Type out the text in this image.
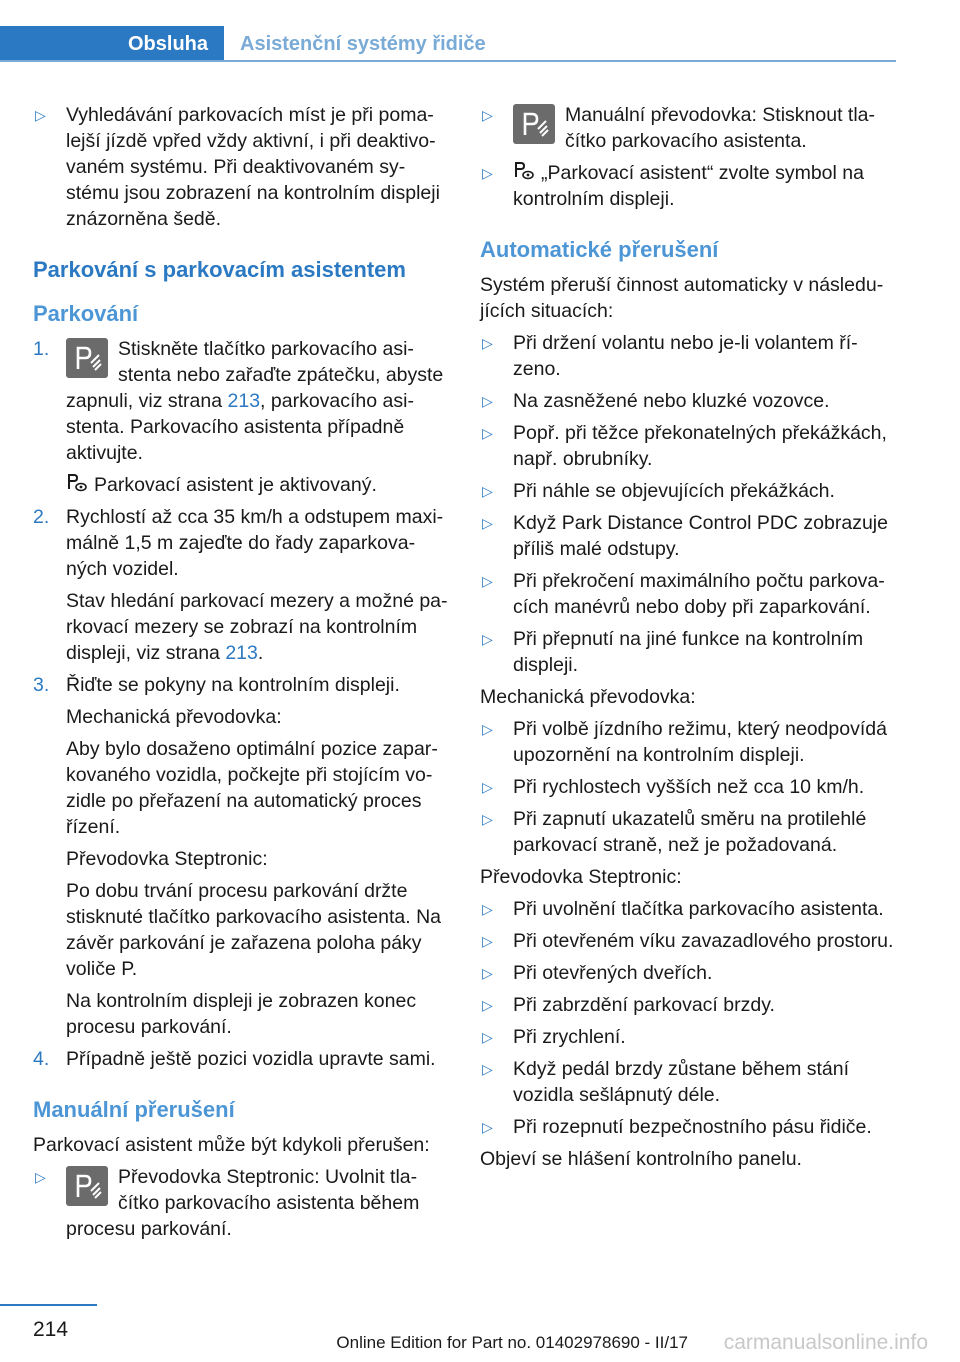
Obsluha	Asistenční systémy řidiče
▷ Vyhledávání parkovacích míst je při pomalejší jízdě vpřed vždy aktivní, i při deaktivovaném systému. Při deaktivovaném systému jsou zobrazení na kontrolním displeji znázorněna šedě.
Parkování s parkovacím asistentem
Parkování
1.	Stiskněte tlačítko parkovacího asistenta nebo zařaďte zpátečku, abyste zapnuli, viz strana 213, parkovacího asistenta. Parkovacího asistenta případně aktivujte.
Parkovací asistent je aktivovaný.
2. Rychlostí až cca 35 km/h a odstupem maximálně 1,5 m zajeďte do řady zaparkovaných vozidel.
Stav hledání parkovací mezery a možné parkovací mezery se zobrazí na kontrolním displeji, viz strana 213.
3. Řiďte se pokyny na kontrolním displeji.
Mechanická převodovka:
Aby bylo dosaženo optimální pozice zaparkovaného vozidla, počkejte při stojícím vozidle po přeřazení na automatický proces řízení.
Převodovka Steptronic:
Po dobu trvání procesu parkování držte stisknuté tlačítko parkovacího asistenta. Na závěr parkování je zařazena poloha páky voliče P.
Na kontrolním displeji je zobrazen konec procesu parkování.
4. Případně ještě pozici vozidla upravte sami.
Manuální přerušení
Parkovací asistent může být kdykoli přerušen:
▷	Převodovka Steptronic: Uvolnit tlačítko parkovacího asistenta během procesu parkování.
▷	Manuální převodovka: Stisknout tlačítko parkovacího asistenta.
▷ „Parkovací asistent“ zvolte symbol na kontrolním displeji.
Automatické přerušení
Systém přeruší činnost automaticky v následujících situacích:
▷ Při držení volantu nebo je-li volantem řízeno.
▷ Na zasněžené nebo kluzké vozovce.
▷ Popř. při těžce překonatelných překážkách, např. obrubníky.
▷ Při náhle se objevujících překážkách.
▷ Když Park Distance Control PDC zobrazuje příliš malé odstupy.
▷ Při překročení maximálního počtu parkovacích manévrů nebo doby při zaparkování.
▷ Při přepnutí na jiné funkce na kontrolním displeji.
Mechanická převodovka:
▷ Při volbě jízdního režimu, který neodpovídá upozornění na kontrolním displeji.
▷ Při rychlostech vyšších než cca 10 km/h.
▷ Při zapnutí ukazatelů směru na protilehlé parkovací straně, než je požadovaná.
Převodovka Steptronic:
▷ Při uvolnění tlačítka parkovacího asistenta.
▷ Při otevřeném víku zavazadlového prostoru.
▷ Při otevřených dveřích.
▷ Při zabrzdění parkovací brzdy.
▷ Při zrychlení.
▷ Když pedál brzdy zůstane během stání vozidla sešlápnutý déle.
▷ Při rozepnutí bezpečnostního pásu řidiče.
Objeví se hlášení kontrolního panelu.
214
Online Edition for Part no. 01402978690 - II/17 carmanualsonline.info
